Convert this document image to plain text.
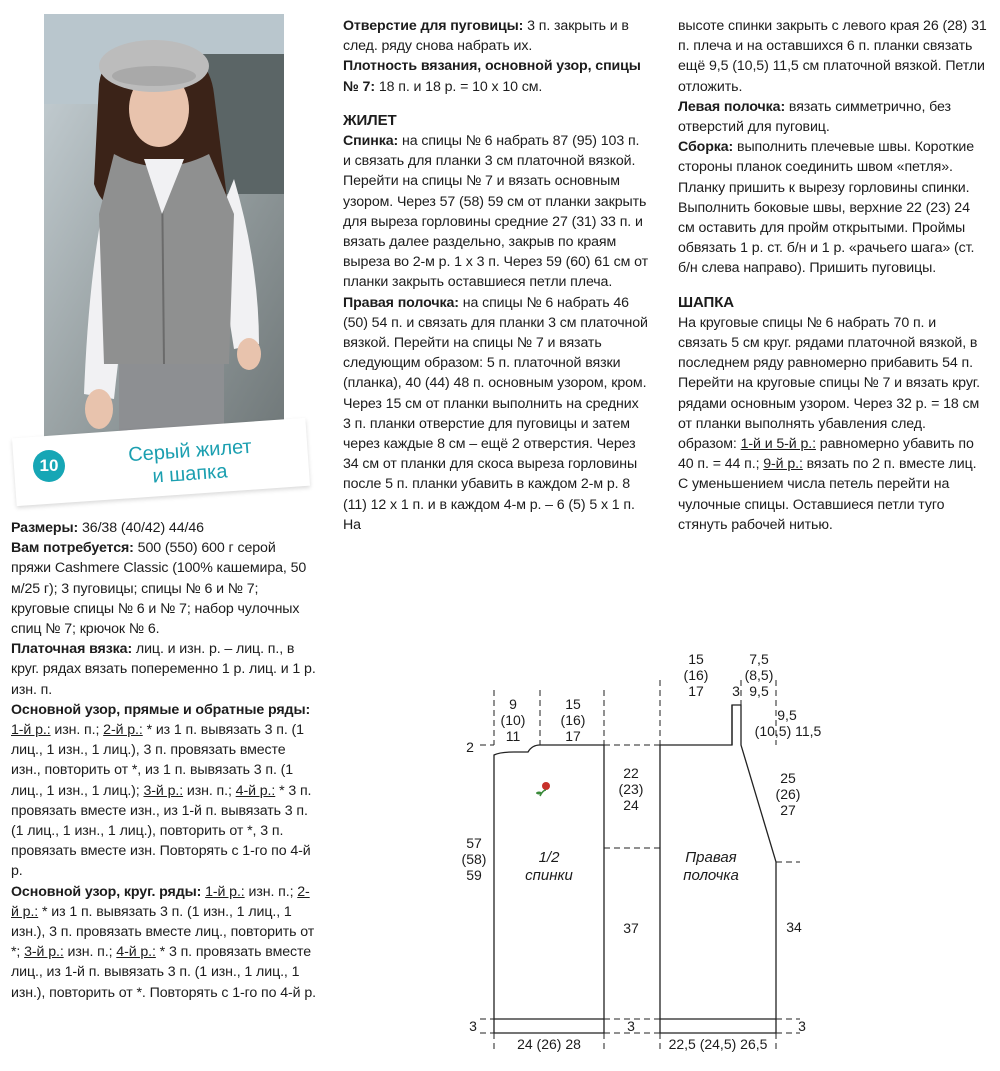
10	Серый жилет
и шапка

Размеры: 36/38 (40/42) 44/46

Вам потребуется: 500 (550) 600 г серой пряжи Cashmere Classic (100% кашемира, 50 м/25 г); 3 пуговицы; спицы № 6 и № 7; круговые спицы № 6 и № 7; набор чулочных спиц № 7; крючок № 6.

Платочная вязка: лиц. и изн. р. – лиц. п., в круг. рядах вязать попеременно 1 р. лиц. и 1 р. изн. п.

Основной узор, прямые и обратные ряды: 1-й р.: изн. п.; 2-й р.: * из 1 п. вывязать 3 п. (1 лиц., 1 изн., 1 лиц.), 3 п. провязать вместе изн., повторить от *, из 1 п. вывязать 3 п. (1 лиц., 1 изн., 1 лиц.); 3-й р.: изн. п.; 4-й р.: * 3 п. провязать вместе изн., из 1-й п. вывязать 3 п. (1 лиц., 1 изн., 1 лиц.), повторить от *, 3 п. провязать вместе изн. Повторять с 1-го по 4-й р.

Основной узор, круг. ряды: 1-й р.: изн. п.; 2-й р.: * из 1 п. вывязать 3 п. (1 изн., 1 лиц., 1 изн.), 3 п. провязать вместе лиц., повторить от *; 3-й р.: изн. п.; 4-й р.: * 3 п. провязать вместе лиц., из 1-й п. вывязать 3 п. (1 изн., 1 лиц., 1 изн.), повторить от *. Повторять с 1-го по 4-й р.

Отверстие для пуговицы: 3 п. закрыть и в след. ряду снова набрать их.

Плотность вязания, основной узор, спицы № 7: 18 п. и 18 р. = 10 х 10 см.

ЖИЛЕТ

Спинка: на спицы № 6 набрать 87 (95) 103 п. и связать для планки 3 см платочной вязкой. Перейти на спицы № 7 и вязать основным узором. Через 57 (58) 59 см от планки закрыть для выреза горловины средние 27 (31) 33 п. и вязать далее раздельно, закрыв по краям выреза во 2-м р. 1 х 3 п. Через 59 (60) 61 см от планки закрыть оставшиеся петли плеча.

Правая полочка: на спицы № 6 набрать 46 (50) 54 п. и связать для планки 3 см платочной вязкой. Перейти на спицы № 7 и вязать следующим образом: 5 п. платочной вязки (планка), 40 (44) 48 п. основным узором, кром. Через 15 см от планки выполнить на средних 3 п. планки отверстие для пуговицы и затем через каждые 8 см – ещё 2 отверстия. Через 34 см от планки для скоса выреза горловины после 5 п. планки убавить в каждом 2-м р. 8 (11) 12 х 1 п. и в каждом 4-м р. – 6 (5) 5 х 1 п. На

высоте спинки закрыть с левого края 26 (28) 31 п. плеча и на оставшихся 6 п. планки связать ещё 9,5 (10,5) 11,5 см платочной вязкой. Петли отложить.

Левая полочка: вязать симметрично, без отверстий для пуговиц.

Сборка: выполнить плечевые швы. Короткие стороны планок соединить швом «петля». Планку пришить к вырезу горловины спинки. Выполнить боковые швы, верхние 22 (23) 24 см оставить для пройм открытыми. Проймы обвязать 1 р. ст. б/н и 1 р. «рачьего шага» (ст. б/н слева направо). Пришить пуговицы.

ШАПКА

На круговые спицы № 6 набрать 70 п. и связать 5 см круг. рядами платочной вязкой, в последнем ряду равномерно прибавить 54 п. Перейти на круговые спицы № 7 и вязать круг. рядами основным узором. Через 32 р. = 18 см от планки выполнять убавления след. образом: 1-й и 5-й р.: равномерно убавить по 40 п. = 44 п.; 9-й р.: вязать по 2 п. вместе лиц. С уменьшением числа петель перейти на чулочные спицы. Оставшиеся петли туго стянуть рабочей нитью.

9
(10)
11
15
(16)
17
2
57
(58)
59
22
(23)
24
37
3	3
24 (26) 28
15
(16)
17 3
7,5
(8,5)
9,5
9,5
(10,5) 11,5
25
(26)
27
34
3
22,5 (24,5) 26,5
1/2
спинки
Правая
полочка
